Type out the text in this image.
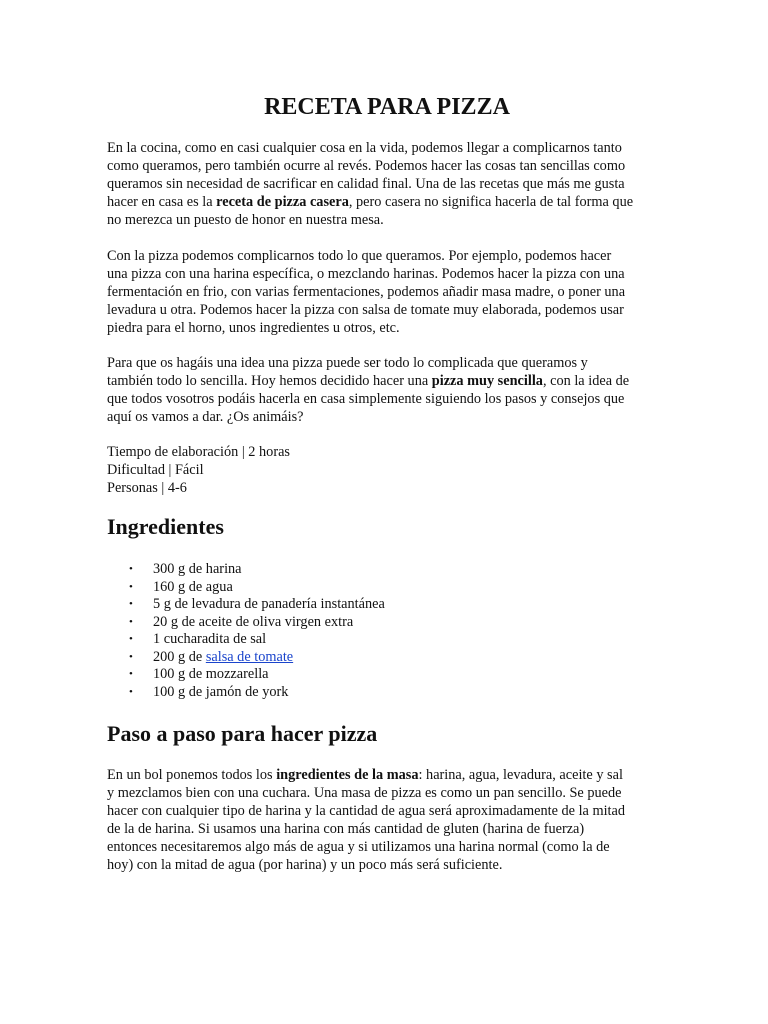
RECETA PARA PIZZA

En la cocina, como en casi cualquier cosa en la vida, podemos llegar a complicarnos tanto
como queramos, pero también ocurre al revés. Podemos hacer las cosas tan sencillas como
queramos sin necesidad de sacrificar en calidad final. Una de las recetas que más me gusta
hacer en casa es la receta de pizza casera, pero casera no significa hacerla de tal forma que
no merezca un puesto de honor en nuestra mesa.

Con la pizza podemos complicarnos todo lo que queramos. Por ejemplo, podemos hacer
una pizza con una harina específica, o mezclando harinas. Podemos hacer la pizza con una
fermentación en frio, con varias fermentaciones, podemos añadir masa madre, o poner una
levadura u otra. Podemos hacer la pizza con salsa de tomate muy elaborada, podemos usar
piedra para el horno, unos ingredientes u otros, etc.

Para que os hagáis una idea una pizza puede ser todo lo complicada que queramos y
también todo lo sencilla. Hoy hemos decidido hacer una pizza muy sencilla, con la idea de
que todos vosotros podáis hacerla en casa simplemente siguiendo los pasos y consejos que
aquí os vamos a dar. ¿Os animáis?

Tiempo de elaboración | 2 horas
Dificultad | Fácil
Personas | 4-6
Ingredientes
• 300 g de harina
• 160 g de agua
• 5 g de levadura de panadería instantánea
• 20 g de aceite de oliva virgen extra
• 1 cucharadita de sal
• 200 g de salsa de tomate
• 100 g de mozzarella
• 100 g de jamón de york
Paso a paso para hacer pizza

En un bol ponemos todos los ingredientes de la masa: harina, agua, levadura, aceite y sal
y mezclamos bien con una cuchara. Una masa de pizza es como un pan sencillo. Se puede
hacer con cualquier tipo de harina y la cantidad de agua será aproximadamente de la mitad
de la de harina. Si usamos una harina con más cantidad de gluten (harina de fuerza)
entonces necesitaremos algo más de agua y si utilizamos una harina normal (como la de
hoy) con la mitad de agua (por harina) y un poco más será suficiente.
